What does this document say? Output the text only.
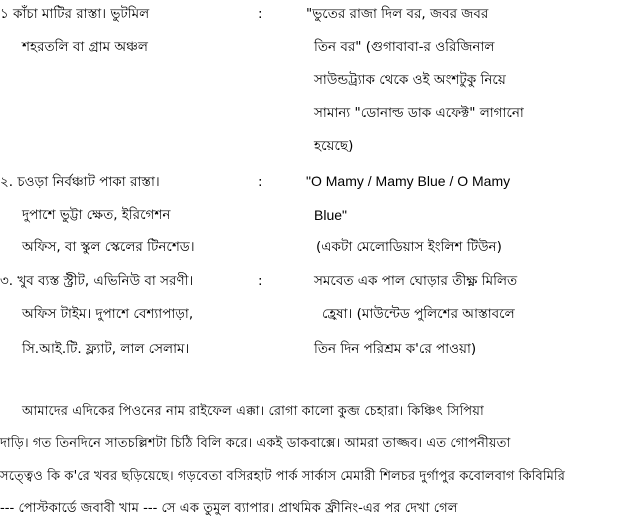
১ কাঁচা মাটির রাস্তা। ভুটমিল
শহরতলি বা গ্রাম অঞ্চল
:	"ভুতের রাজা দিল বর, জবর জবর
তিন বর" (গুগাবাবা-র ওরিজিনাল
সাউন্ডট্র্যাক থেকে ওই অংশটুকু নিয়ে
সামান্য "ডোনাল্ড ডাক এফেক্ট" লাগানো
হয়েছে)
২. চওড়া নির্বঞ্চাট পাকা রাস্তা।
দুপাশে ভুট্টা ক্ষেত, ইরিগেশন
অফিস, বা স্কুল স্কেলের টিনশেড।
:	"O Mamy / Mamy Blue / O Mamy
Blue"
(একটা মেলোডিয়াস ইংলিশ টিউন)
৩. খুব ব্যস্ত স্ট্রীট, এভিনিউ বা সরণী।
অফিস টাইম। দুপাশে বেশ্যাপাড়া,
সি.আই.টি. ফ্ল্যাট, লাল সেলাম।
:	সমবেত এক পাল ঘোড়ার তীক্ষ্ণ মিলিত
হ্রেষা। (মাউন্টেড পুলিশের আস্তাবলে
তিন দিন পরিশ্রম ক'রে পাওয়া)
আমাদের এদিকের পিওনের নাম রাইফেল এক্কা। রোগা কালো কুব্জ চেহারা। কিঞ্চিৎ সিপিয়া
দাড়ি। গত তিনদিনে সাতচল্লিশটা চিঠি বিলি করে। একই ডাকবাক্সে। আমরা তাজ্জব। এত গোপনীয়তা
সত্ত্বেও কি ক'রে খবর ছড়িয়েছে। গড়বেতা বসিরহাট পার্ক সার্কাস মেমারী শিলচর দুর্গাপুর কবোলবাগ কিবিমিরি
--- পোস্টকার্ডে জবাবী খাম --- সে এক তুমুল ব্যাপার। প্রাথমিক ফ্রীনিং-এর পর দেখা গেল
